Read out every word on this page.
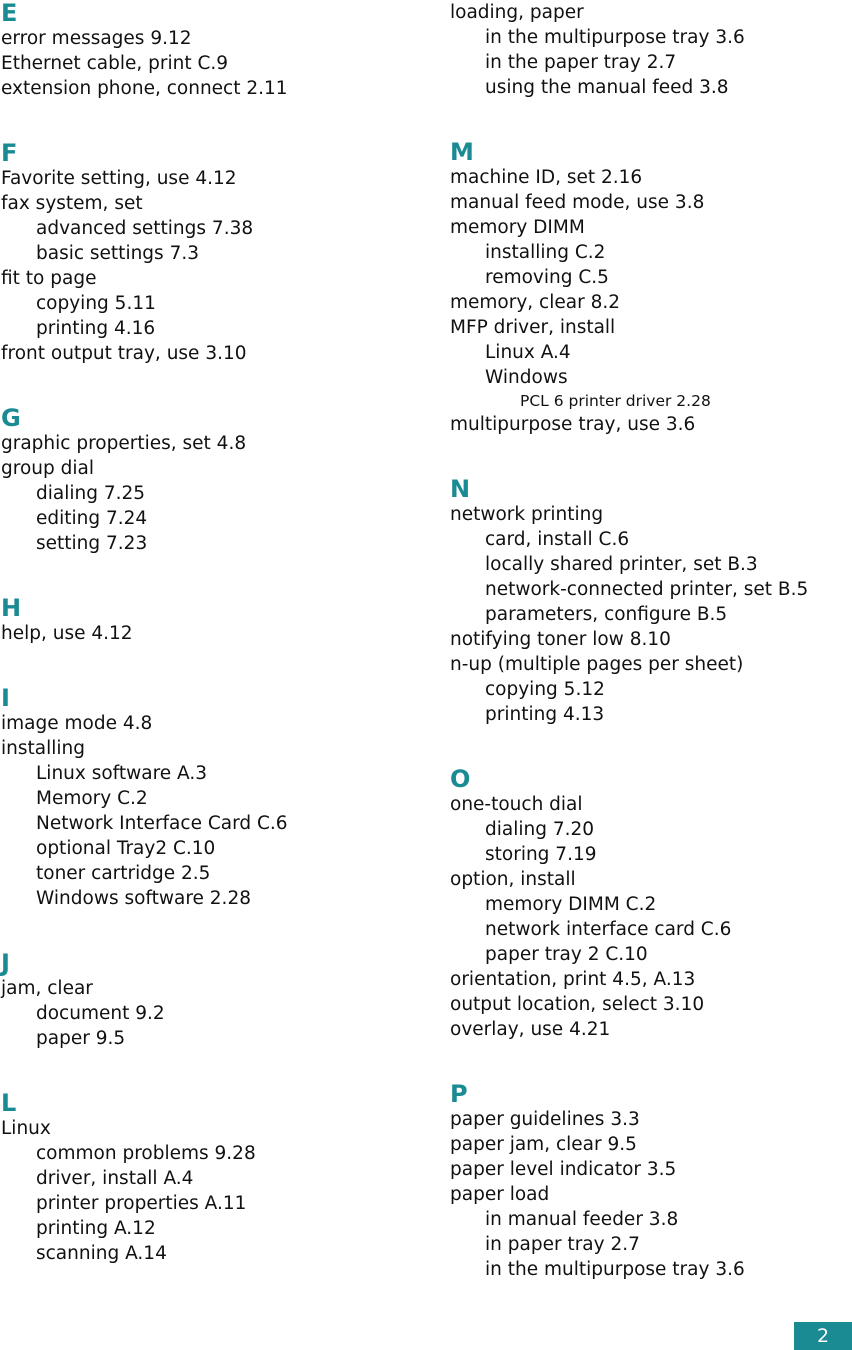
E
error messages 9.12
Ethernet cable, print C.9
extension phone, connect 2.11
F
Favorite setting, use 4.12
fax system, set
advanced settings 7.38
basic settings 7.3
fit to page
copying 5.11
printing 4.16
front output tray, use 3.10
G
graphic properties, set 4.8
group dial
dialing 7.25
editing 7.24
setting 7.23
H
help, use 4.12
I
image mode 4.8
installing
Linux software A.3
Memory C.2
Network Interface Card C.6
optional Tray2 C.10
toner cartridge 2.5
Windows software 2.28
J
jam, clear
document 9.2
paper 9.5
L
Linux
common problems 9.28
driver, install A.4
printer properties A.11
printing A.12
scanning A.14
loading, paper
in the multipurpose tray 3.6
in the paper tray 2.7
using the manual feed 3.8
M
machine ID, set 2.16
manual feed mode, use 3.8
memory DIMM
installing C.2
removing C.5
memory, clear 8.2
MFP driver, install
Linux A.4
Windows
PCL 6 printer driver 2.28
multipurpose tray, use 3.6
N
network printing
card, install C.6
locally shared printer, set B.3
network-connected printer, set B.5
parameters, configure B.5
notifying toner low 8.10
n-up (multiple pages per sheet)
copying 5.12
printing 4.13
O
one-touch dial
dialing 7.20
storing 7.19
option, install
memory DIMM C.2
network interface card C.6
paper tray 2 C.10
orientation, print 4.5, A.13
output location, select 3.10
overlay, use 4.21
P
paper guidelines 3.3
paper jam, clear 9.5
paper level indicator 3.5
paper load
in manual feeder 3.8
in paper tray 2.7
in the multipurpose tray 3.6
2
